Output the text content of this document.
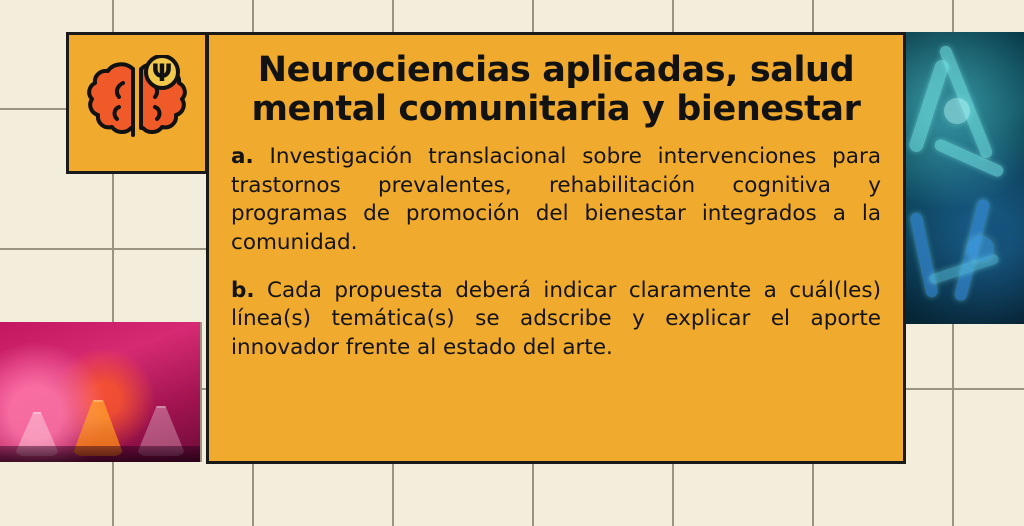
Ψ	Neurociencias aplicadas, salud mental comunitaria y bienestar

a. Investigación translacional sobre intervenciones para trastornos prevalentes, rehabilitación cognitiva y programas de promoción del bienestar integrados a la comunidad.

b. Cada propuesta deberá indicar claramente a cuál(les) línea(s) temática(s) se adscribe y explicar el aporte innovador frente al estado del arte.
